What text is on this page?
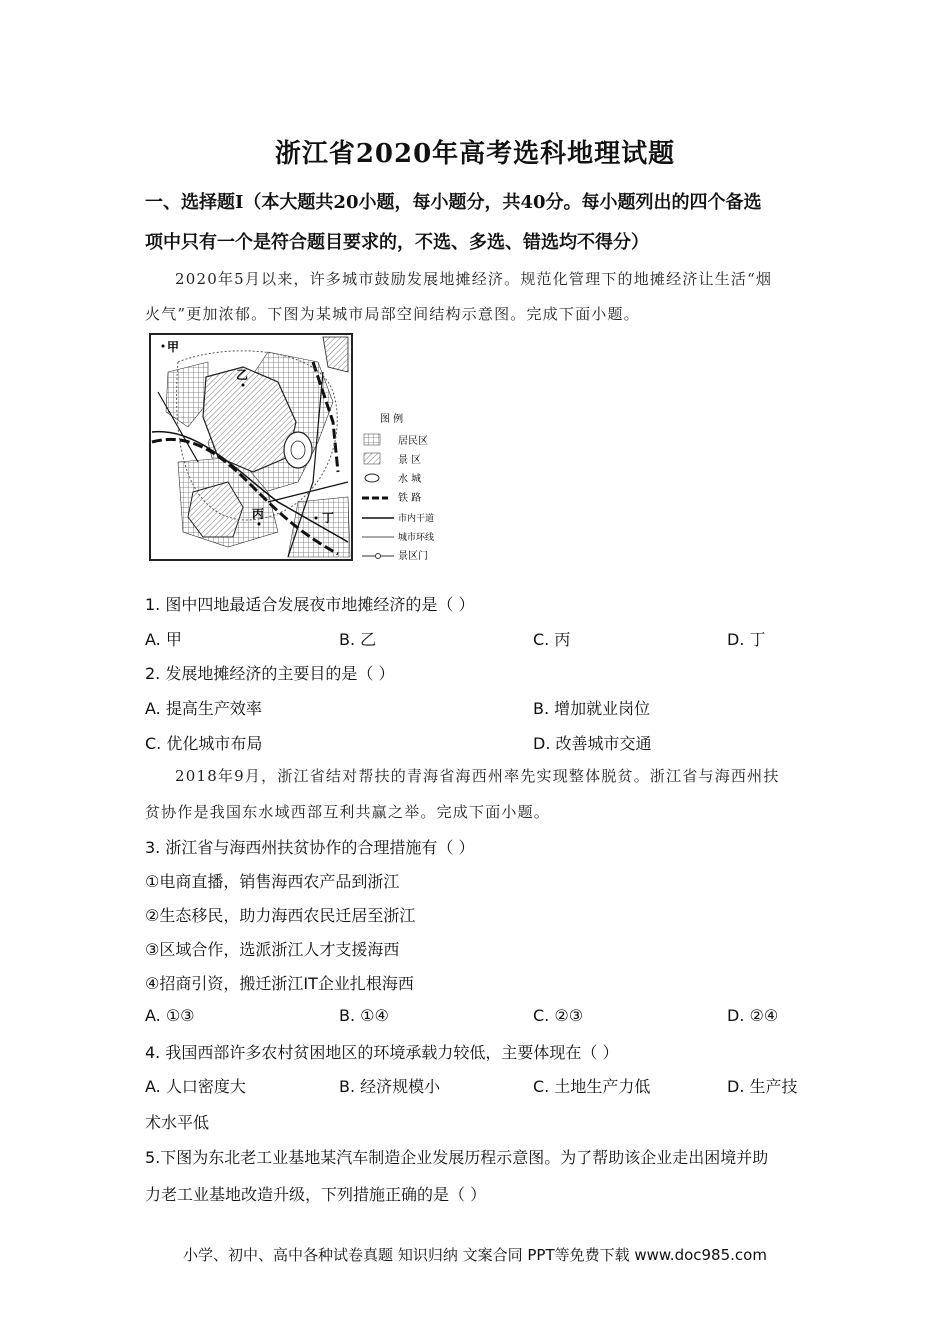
浙江省2020年高考选科地理试题
一、选择题I（本大题共20小题，每小题分，共40分。每小题列出的四个备选
项中只有一个是符合题目要求的，不选、多选、错选均不得分）
2020年5月以来，许多城市鼓励发展地摊经济。规范化管理下的地摊经济让生活“烟
火气”更加浓郁。下图为某城市局部空间结构示意图。完成下面小题。
甲
乙
丙	丁
图 例
居民区
景 区
水 城
铁 路
市内干道
城市环线
景区门
1. 图中四地最适合发展夜市地摊经济的是（ ）
A. 甲	B. 乙	C. 丙	D. 丁
2. 发展地摊经济的主要目的是（ ）
A. 提高生产效率	B. 增加就业岗位
C. 优化城市布局	D. 改善城市交通
2018年9月，浙江省结对帮扶的青海省海西州率先实现整体脱贫。浙江省与海西州扶
贫协作是我国东水域西部互利共赢之举。完成下面小题。
3. 浙江省与海西州扶贫协作的合理措施有（ ）
①电商直播，销售海西农产品到浙江
②生态移民，助力海西农民迁居至浙江
③区域合作，选派浙江人才支援海西
④招商引资，搬迁浙江IT企业扎根海西
A. ①③	B. ①④	C. ②③	D. ②④
4. 我国西部许多农村贫困地区的环境承载力较低，主要体现在（ ）
A. 人口密度大	B. 经济规模小	C. 土地生产力低	D. 生产技
术水平低
5.下图为东北老工业基地某汽车制造企业发展历程示意图。为了帮助该企业走出困境并助
力老工业基地改造升级，下列措施正确的是（ ）
小学、初中、高中各种试卷真题 知识归纳 文案合同 PPT等免费下载 www.doc985.com
